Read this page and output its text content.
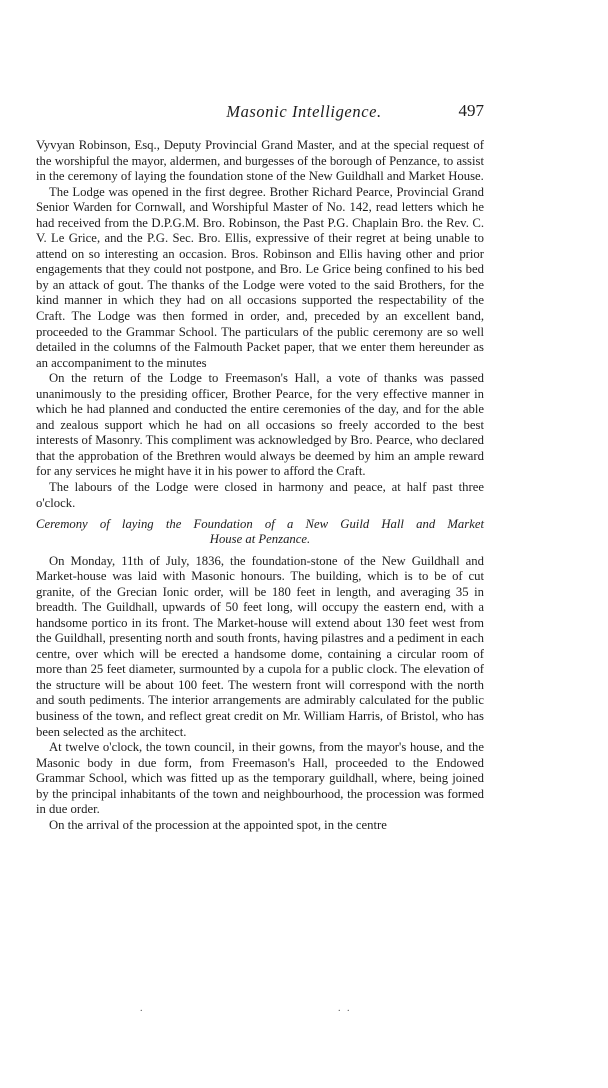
Masonic Intelligence.	497

Vyvyan Robinson, Esq., Deputy Provincial Grand Master, and at the special request of the worshipful the mayor, aldermen, and burgesses of the borough of Penzance, to assist in the ceremony of laying the foundation stone of the New Guildhall and Market House.

The Lodge was opened in the first degree. Brother Richard Pearce, Provincial Grand Senior Warden for Cornwall, and Worshipful Master of No. 142, read letters which he had received from the D.P.G.M. Bro. Robinson, the Past P.G. Chaplain Bro. the Rev. C. V. Le Grice, and the P.G. Sec. Bro. Ellis, expressive of their regret at being unable to attend on so interesting an occasion. Bros. Robinson and Ellis having other and prior engagements that they could not postpone, and Bro. Le Grice being confined to his bed by an attack of gout. The thanks of the Lodge were voted to the said Brothers, for the kind manner in which they had on all occasions supported the respectability of the Craft. The Lodge was then formed in order, and, preceded by an excellent band, proceeded to the Grammar School. The particulars of the public ceremony are so well detailed in the columns of the Falmouth Packet paper, that we enter them hereunder as an accompaniment to the minutes

On the return of the Lodge to Freemason's Hall, a vote of thanks was passed unanimously to the presiding officer, Brother Pearce, for the very effective manner in which he had planned and conducted the entire ceremonies of the day, and for the able and zealous support which he had on all occasions so freely accorded to the best interests of Masonry. This compliment was acknowledged by Bro. Pearce, who declared that the approbation of the Brethren would always be deemed by him an ample reward for any services he might have it in his power to afford the Craft.

The labours of the Lodge were closed in harmony and peace, at half past three o'clock.

Ceremony of laying the Foundation of a New Guild Hall and Market
House at Penzance.

On Monday, 11th of July, 1836, the foundation-stone of the New Guildhall and Market-house was laid with Masonic honours. The building, which is to be of cut granite, of the Grecian Ionic order, will be 180 feet in length, and averaging 35 in breadth. The Guildhall, upwards of 50 feet long, will occupy the eastern end, with a handsome portico in its front. The Market-house will extend about 130 feet west from the Guildhall, presenting north and south fronts, having pilastres and a pediment in each centre, over which will be erected a handsome dome, containing a circular room of more than 25 feet diameter, surmounted by a cupola for a public clock. The elevation of the structure will be about 100 feet. The western front will correspond with the north and south pediments. The interior arrangements are admirably calculated for the public business of the town, and reflect great credit on Mr. William Harris, of Bristol, who has been selected as the architect.

At twelve o'clock, the town council, in their gowns, from the mayor's house, and the Masonic body in due form, from Freemason's Hall, proceeded to the Endowed Grammar School, which was fitted up as the temporary guildhall, where, being joined by the principal inhabitants of the town and neighbourhood, the procession was formed in due order.

On the arrival of the procession at the appointed spot, in the centre

.	. .
